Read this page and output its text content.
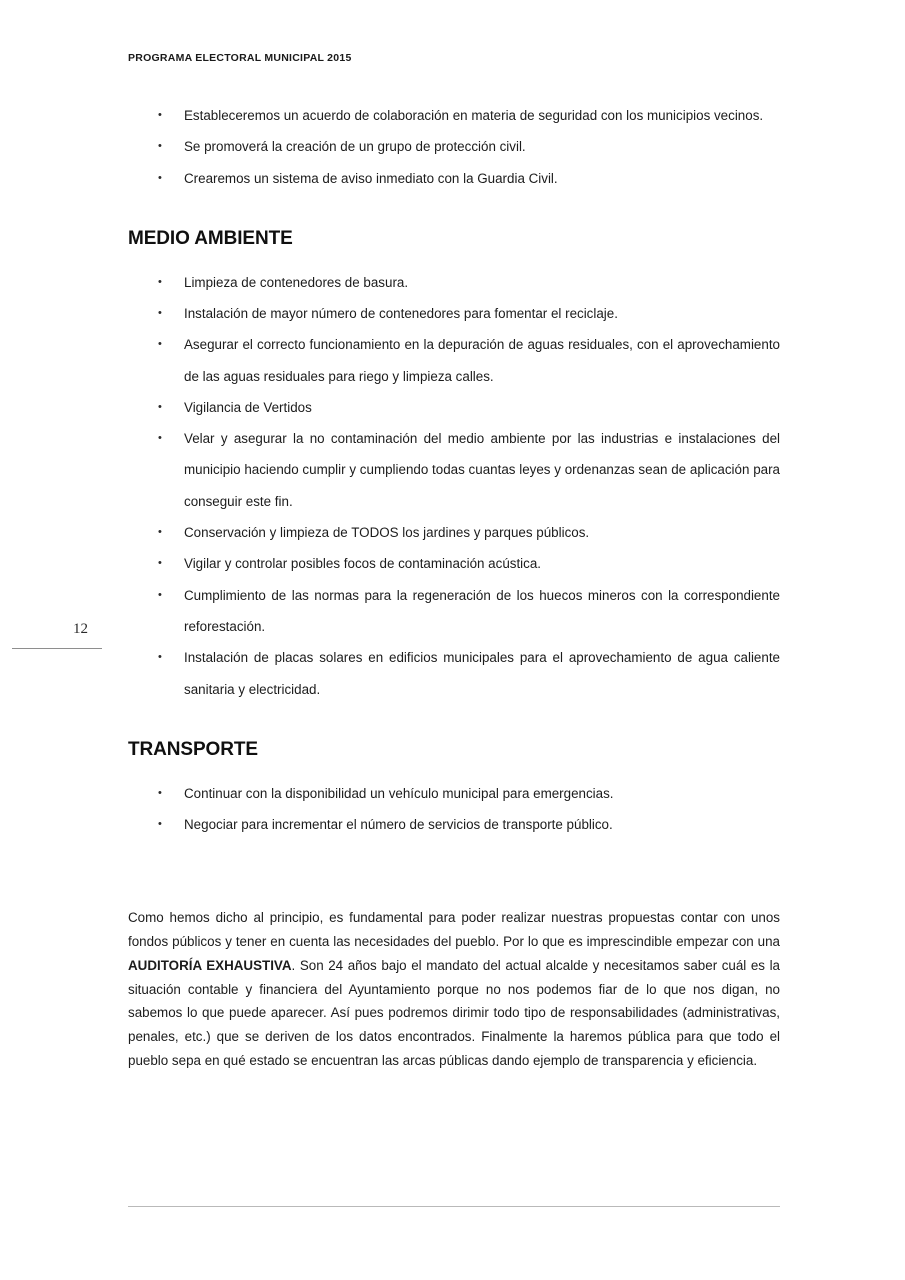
PROGRAMA ELECTORAL MUNICIPAL 2015
12
• Estableceremos un acuerdo de colaboración en materia de seguridad con los municipios vecinos.
• Se promoverá la creación de un grupo de protección civil.
• Crearemos un sistema de aviso inmediato con la Guardia Civil.
MEDIO AMBIENTE
• Limpieza de contenedores de basura.
• Instalación de mayor número de contenedores para fomentar el reciclaje.
• Asegurar el correcto funcionamiento en la depuración de aguas residuales, con el aprovechamiento de las aguas residuales para riego y limpieza calles.
• Vigilancia de Vertidos
• Velar y asegurar la no contaminación del medio ambiente por las industrias e instalaciones del municipio haciendo cumplir y cumpliendo todas cuantas leyes y ordenanzas sean de aplicación para conseguir este fin.
• Conservación y limpieza de TODOS los jardines y parques públicos.
• Vigilar y controlar posibles focos de contaminación acústica.
• Cumplimiento de las normas para la regeneración de los huecos mineros con la correspondiente reforestación.
• Instalación de placas solares en edificios municipales para el aprovechamiento de agua caliente sanitaria y electricidad.
TRANSPORTE
• Continuar con la disponibilidad un vehículo municipal para emergencias.
• Negociar para incrementar el número de servicios de transporte público.

Como hemos dicho al principio, es fundamental para poder realizar nuestras propuestas contar con unos fondos públicos y tener en cuenta las necesidades del pueblo. Por lo que es imprescindible empezar con una AUDITORÍA EXHAUSTIVA. Son 24 años bajo el mandato del actual alcalde y necesitamos saber cuál es la situación contable y financiera del Ayuntamiento porque no nos podemos fiar de lo que nos digan, no sabemos lo que puede aparecer. Así pues podremos dirimir todo tipo de responsabilidades (administrativas, penales, etc.) que se deriven de los datos encontrados. Finalmente la haremos pública para que todo el pueblo sepa en qué estado se encuentran las arcas públicas dando ejemplo de transparencia y eficiencia.
